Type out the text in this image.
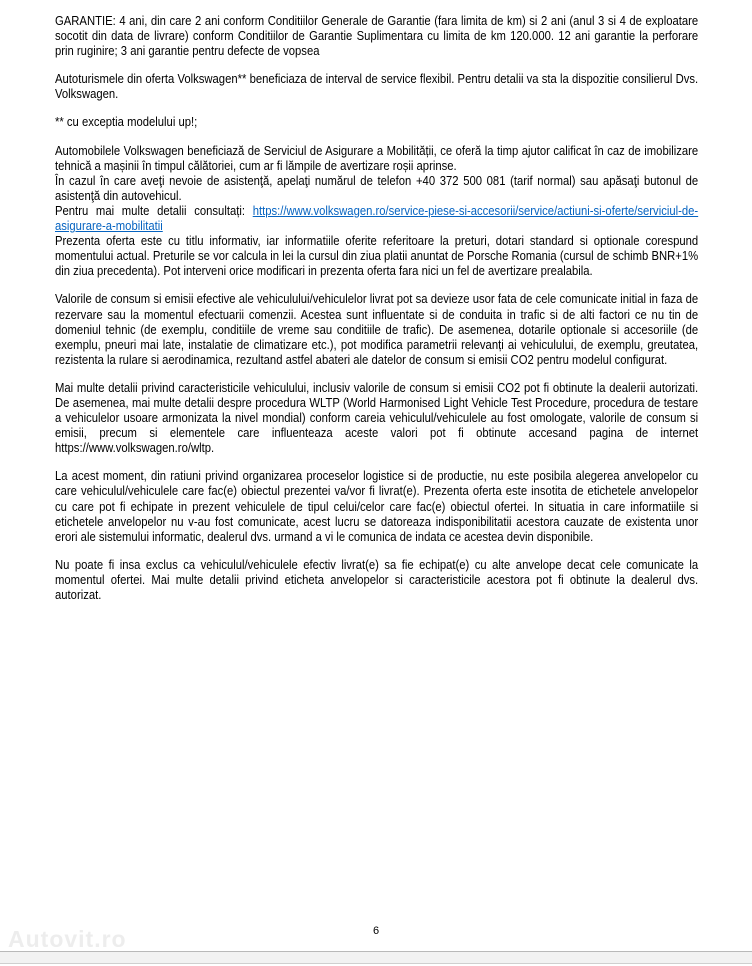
GARANTIE: 4 ani, din care 2 ani conform Conditiilor Generale de Garantie (fara limita de km) si 2 ani (anul 3 si 4 de exploatare socotit din data de livrare) conform Conditiilor de Garantie Suplimentara cu limita de km 120.000. 12 ani garantie la perforare prin ruginire; 3 ani garantie pentru defecte de vopsea

Autoturismele din oferta Volkswagen** beneficiaza de interval de service flexibil. Pentru detalii va sta la dispozitie consilierul Dvs. Volkswagen.

** cu exceptia modelului up!;

Automobilele Volkswagen beneficiază de Serviciul de Asigurare a Mobilității, ce oferă la timp ajutor calificat în caz de imobilizare tehnică a mașinii în timpul călătoriei, cum ar fi lămpile de avertizare roșii aprinse.

În cazul în care aveţi nevoie de asistenţă, apelaţi numărul de telefon +40 372 500 081 (tarif normal) sau apăsaţi butonul de asistenţă din autovehicul.

Pentru mai multe detalii consultați: https://www.volkswagen.ro/service-piese-si-accesorii/service/actiuni-si-oferte/serviciul-de-asigurare-a-mobilitatii

Prezenta oferta este cu titlu informativ, iar informatiile oferite referitoare la preturi, dotari standard si optionale corespund momentului actual. Preturile se vor calcula in lei la cursul din ziua platii anuntat de Porsche Romania (cursul de schimb BNR+1% din ziua precedenta). Pot interveni orice modificari in prezenta oferta fara nici un fel de avertizare prealabila.

Valorile de consum si emisii efective ale vehiculului/vehiculelor livrat pot sa devieze usor fata de cele comunicate initial in faza de rezervare sau la momentul efectuarii comenzii. Acestea sunt influentate si de conduita in trafic si de alti factori ce nu tin de domeniul tehnic (de exemplu, conditiile de vreme sau conditiile de trafic). De asemenea, dotarile optionale si accesoriile (de exemplu, pneuri mai late, instalatie de climatizare etc.), pot modifica parametrii relevanți ai vehiculului, de exemplu, greutatea, rezistenta la rulare si aerodinamica, rezultand astfel abateri ale datelor de consum si emisii CO2 pentru modelul configurat.

Mai multe detalii privind caracteristicile vehiculului, inclusiv valorile de consum si emisii CO2 pot fi obtinute la dealerii autorizati. De asemenea, mai multe detalii despre procedura WLTP (World Harmonised Light Vehicle Test Procedure, procedura de testare a vehiculelor usoare armonizata la nivel mondial) conform careia vehiculul/vehiculele au fost omologate, valorile de consum si emisii, precum si elementele care influenteaza aceste valori pot fi obtinute accesand pagina de internet https://www.volkswagen.ro/wltp.

La acest moment, din ratiuni privind organizarea proceselor logistice si de productie, nu este posibila alegerea anvelopelor cu care vehiculul/vehiculele care fac(e) obiectul prezentei va/vor fi livrat(e). Prezenta oferta este insotita de etichetele anvelopelor cu care pot fi echipate in prezent vehiculele de tipul celui/celor care fac(e) obiectul ofertei. In situatia in care informatiile si etichetele anvelopelor nu v-au fost comunicate, acest lucru se datoreaza indisponibilitatii acestora cauzate de existenta unor erori ale sistemului informatic, dealerul dvs. urmand a vi le comunica de indata ce acestea devin disponibile.

Nu poate fi insa exclus ca vehiculul/vehiculele efectiv livrat(e) sa fie echipat(e) cu alte anvelope decat cele comunicate la momentul ofertei. Mai multe detalii privind eticheta anvelopelor si caracteristicile acestora pot fi obtinute la dealerul dvs. autorizat.

Autovit.ro	6
